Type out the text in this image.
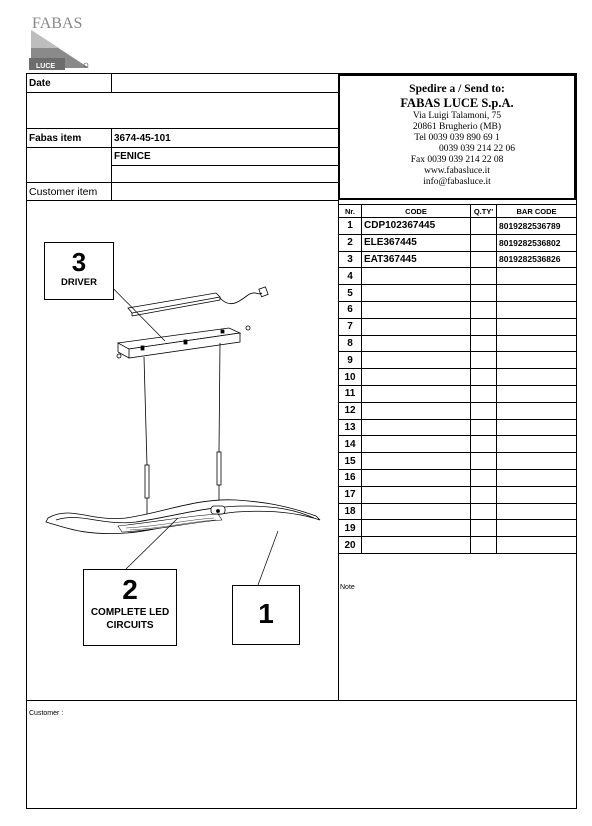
FABAS
LUCE
Date
Fabas item	3674-45-101
FENICE
Customer item
Spedire a / Send to:
FABAS LUCE S.p.A.
Via Luigi Talamoni, 75
20861 Brugherio (MB)
Tel 0039 039 890 69 1
0039 039 214 22 06
Fax 0039 039 214 22 08
www.fabasluce.it
info@fabasluce.it
Nr.	CODE	Q.TY'	BAR CODE
1	CDP102367445		8019282536789
2	ELE367445		8019282536802
3	EAT367445		8019282536826
4			
5			
6			
7			
8			
9			
10			
11			
12			
13			
14			
15			
16			
17			
18			
19			
20			
Note
Customer :
3
DRIVER
2
COMPLETE LED CIRCUITS	1
